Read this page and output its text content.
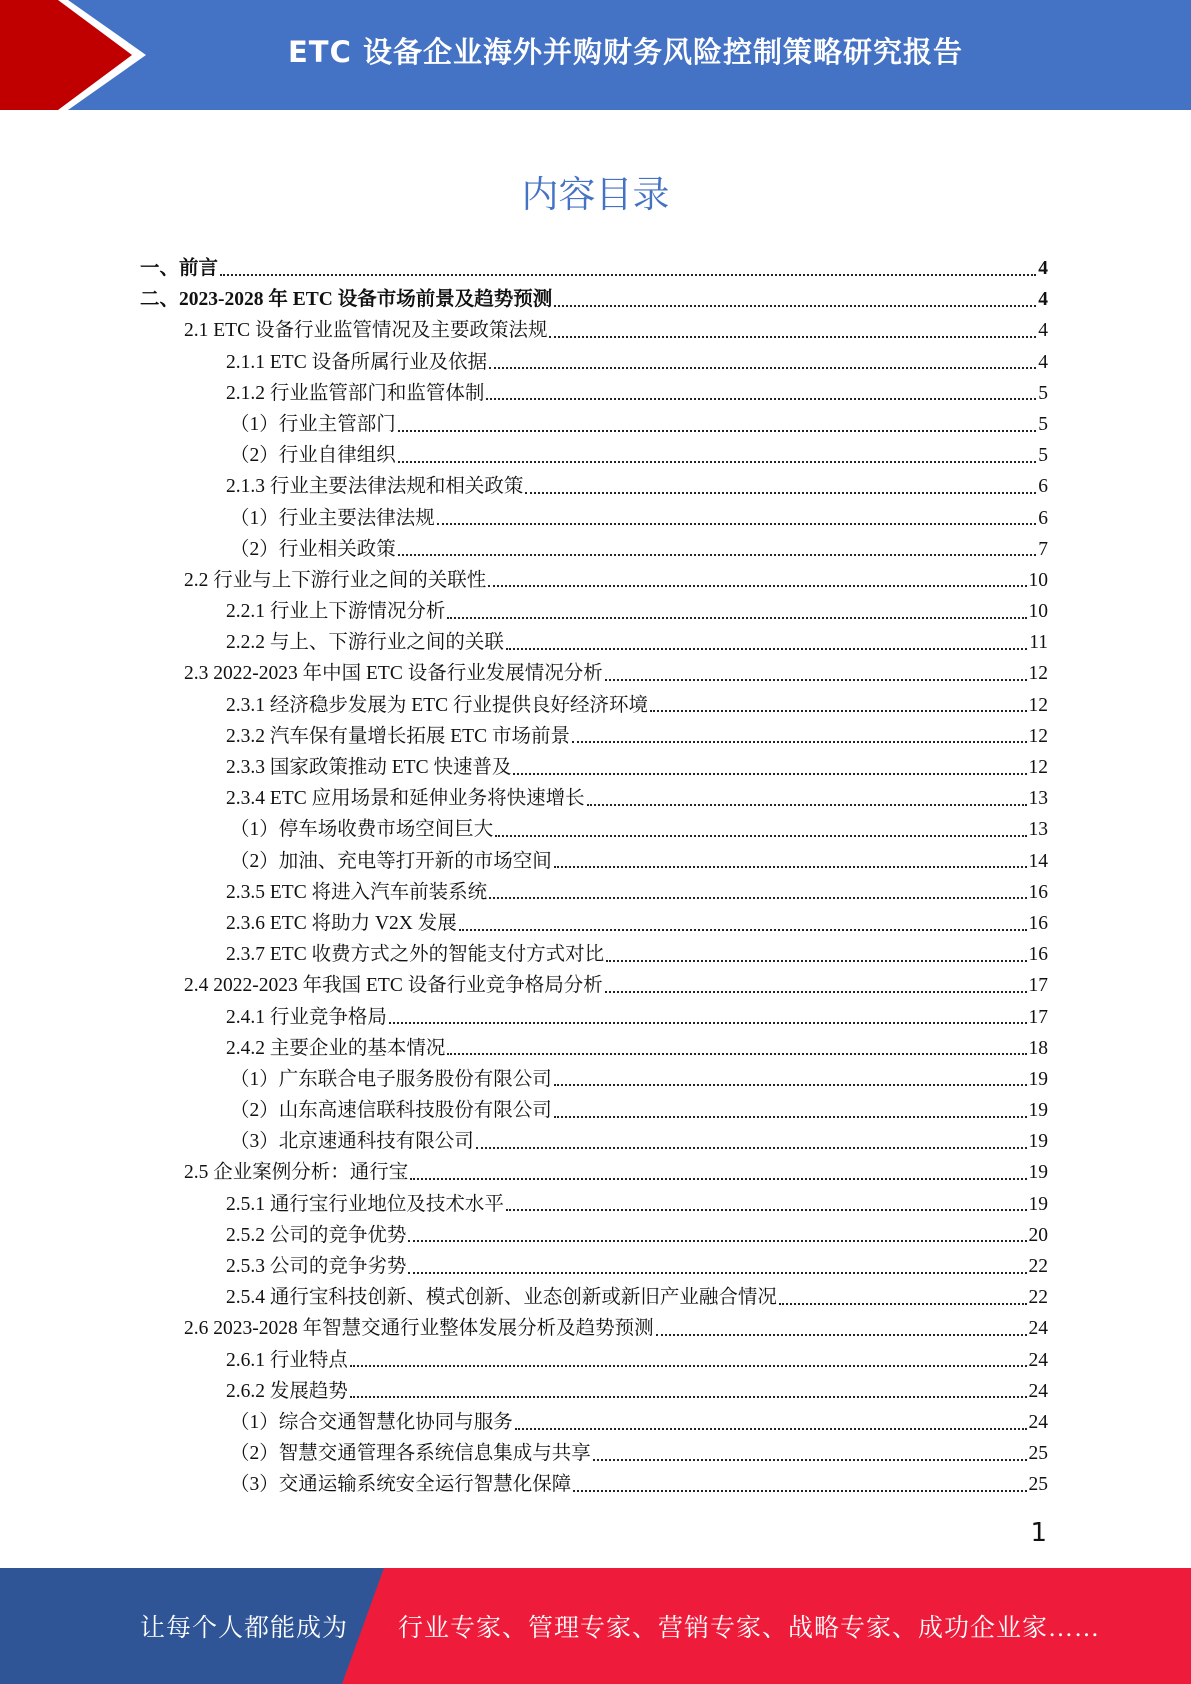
ETC 设备企业海外并购财务风险控制策略研究报告
内容目录
一、前言	4
二、2023-2028 年 ETC 设备市场前景及趋势预测	4
2.1 ETC 设备行业监管情况及主要政策法规	4
2.1.1 ETC 设备所属行业及依据	4
2.1.2 行业监管部门和监管体制	5
（1）行业主管部门	5
（2）行业自律组织	5
2.1.3 行业主要法律法规和相关政策	6
（1）行业主要法律法规	6
（2）行业相关政策	7
2.2 行业与上下游行业之间的关联性	10
2.2.1 行业上下游情况分析	10
2.2.2 与上、下游行业之间的关联	11
2.3 2022-2023 年中国 ETC 设备行业发展情况分析	12
2.3.1 经济稳步发展为 ETC 行业提供良好经济环境	12
2.3.2 汽车保有量增长拓展 ETC 市场前景	12
2.3.3 国家政策推动 ETC 快速普及	12
2.3.4 ETC 应用场景和延伸业务将快速增长	13
（1）停车场收费市场空间巨大	13
（2）加油、充电等打开新的市场空间	14
2.3.5 ETC 将进入汽车前装系统	16
2.3.6 ETC 将助力 V2X 发展	16
2.3.7 ETC 收费方式之外的智能支付方式对比	16
2.4 2022-2023 年我国 ETC 设备行业竞争格局分析	17
2.4.1 行业竞争格局	17
2.4.2 主要企业的基本情况	18
（1）广东联合电子服务股份有限公司	19
（2）山东高速信联科技股份有限公司	19
（3）北京速通科技有限公司	19
2.5 企业案例分析：通行宝	19
2.5.1 通行宝行业地位及技术水平	19
2.5.2 公司的竞争优势	20
2.5.3 公司的竞争劣势	22
2.5.4 通行宝科技创新、模式创新、业态创新或新旧产业融合情况	22
2.6 2023-2028 年智慧交通行业整体发展分析及趋势预测	24
2.6.1 行业特点	24
2.6.2 发展趋势	24
（1）综合交通智慧化协同与服务	24
（2）智慧交通管理各系统信息集成与共享	25
（3）交通运输系统安全运行智慧化保障	25
1
让每个人都能成为 行业专家、管理专家、营销专家、战略专家、成功企业家……
